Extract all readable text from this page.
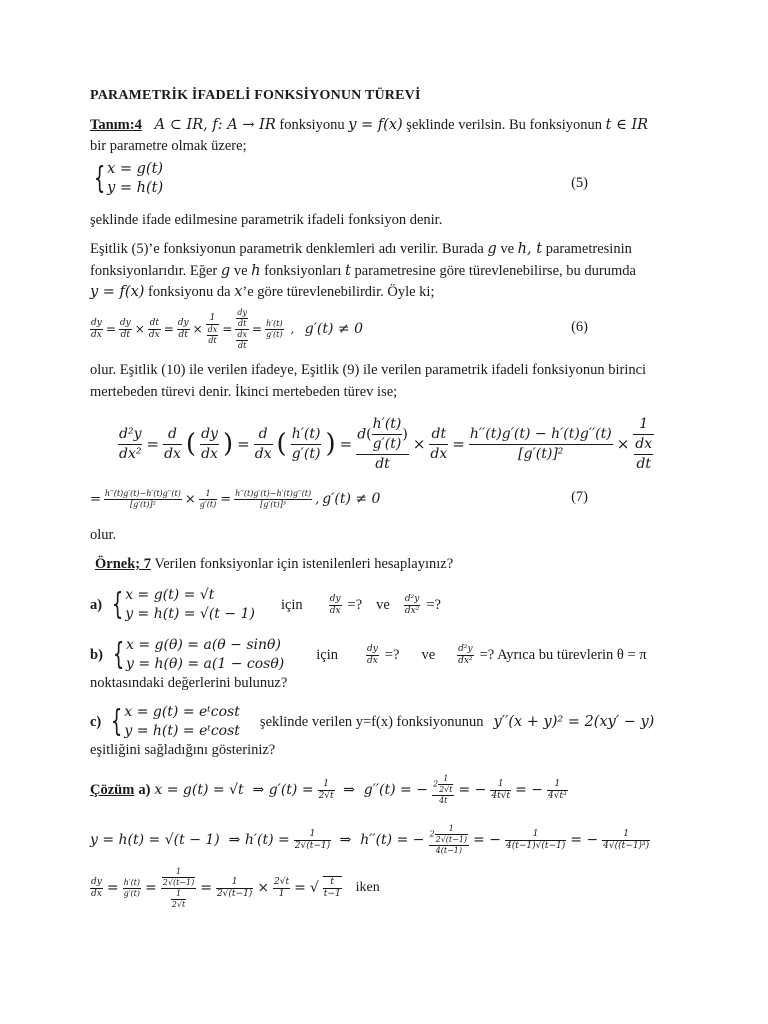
PARAMETRİK İFADELİ FONKSİYONUN TÜREVİ
Tanım:4   A ⊂ IR, f: A → IR fonksiyonu y = f(x) şeklinde verilsin. Bu fonksiyonun t ∈ IR
bir parametre olmak üzere;
{ x = g(t)
y = h(t)	(5)
şeklinde ifade edilmesine parametrik ifadeli fonksiyon denir.
Eşitlik (5)’e fonksiyonun parametrik denklemleri adı verilir. Burada g ve h, t parametresinin
fonksiyonlarıdır. Eğer g ve h fonksiyonları t parametresine göre türevlenebilirse, bu durumda
y = f(x) fonksiyonu da x’e göre türevlenebilirdir. Öyle ki;
$\frac{dy}{dx} = \frac{dy}{dt} \times \frac{dt}{dx} = \frac{dy}{dt} \times \frac{1}{\frac{dx}{dt}} = \frac{\frac{dy}{dt}}{\frac{dx}{dt}} = \frac{h'(t)}{g'(t)}$ , g′(t) ≠ 0	(6)
olur. Eşitlik (10) ile verilen ifadeye, Eşitlik (9) ile verilen parametrik ifadeli fonksiyonun birinci
mertebeden türevi denir. İkinci mertebeden türev ise;
$\frac{\text{d²y}}{\text{dx²}} = \frac{d}{dx}$ ( $\frac{dy}{dx}$ ) = $\frac{d}{dx}$ ( $\frac{h'(t)}{g'(t)}$ ) = $\frac{d( \frac{h'(t)}{g'(t)} )}{dt} \times \frac{dt}{dx} = \frac{h''(t)g'(t) - h'(t)g''(t)}{\text{[g′(t)]²}} \times \frac{1}{\frac{dx}{dt}}$
= $\frac{h''(t)g'(t)-h'(t)g''(t)}{\text{[g′(t)]²}} \times \frac{1}{g'(t)} = \frac{h''(t)g'(t)-h'(t)g''(t)}{\text{[g′(t)]³}}$ , g′(t) ≠ 0	(7)
olur.
Örnek; 7 Verilen fonksiyonlar için istenilenleri hesaplayınız?
a) { x = g(t) = √t
y = h(t) = √(t − 1)
için	$\frac{dy}{dx}$ =? ve $\frac{\text{d²y}}{\text{dx²}}$ =?
b) { x = g(θ) = a(θ − sinθ)
y = h(θ) = a(1 − cosθ)
için	$\frac{dy}{dx}$ =? ve $\frac{\text{d²y}}{\text{dx²}}$ =? Ayrıca bu türevlerin θ = π
noktasındaki değerlerini bulunuz?
c) { x = g(t) = eᵗcost
y = h(t) = eᵗcost
şeklinde verilen y=f(x) fonksiyonunun y′′(x + y)² = 2(xy′ − y)
eşitliğini sağladığını gösteriniz?
Çözüm a) x = g(t) = √t  ⇒ $g'(t) = \frac{1}{2√t}$ ⇒  g′′(t) = − $\frac{2 \frac{1}{2√t}}{4t}$ = − $\frac{1}{4t√t}$ = − $\frac{1}{\text{4√t³}}$
y = h(t) = √(t − 1)  ⇒ $h'(t) = \frac{1}{2√(t-1)}$ ⇒  h′′(t) = − $\frac{2 \frac{1}{2√(t-1)}}{4(t-1)}$ = − $\frac{1}{4(t-1)√(t-1)}$ = − $\frac{1}{\text{4√((t−1)³)}}$
$\frac{dy}{dx} = \frac{h'(t)}{g'(t)} = \frac{\frac{1}{2√(t-1)}}{\frac{1}{2√t}} = \frac{1}{2√(t-1)} \times \frac{2√t}{1}$ = √ $\frac{t}{t-1}$ iken
